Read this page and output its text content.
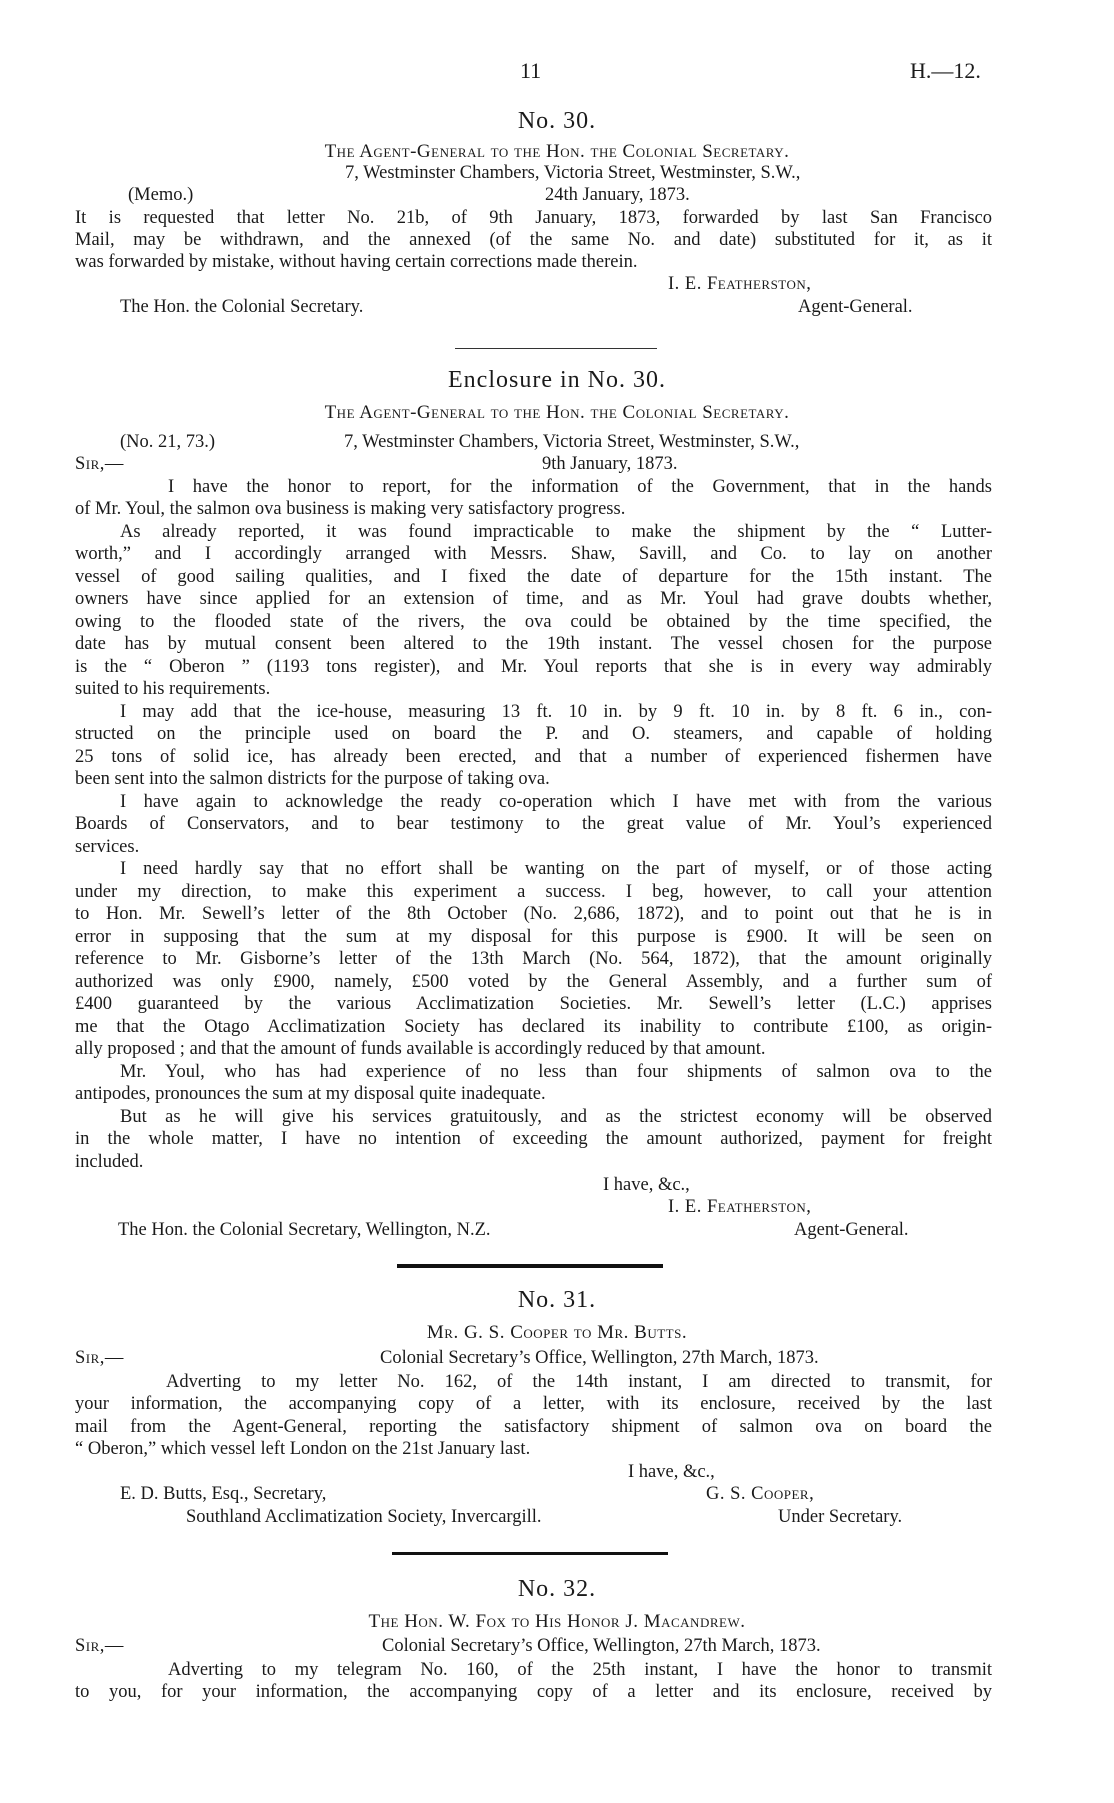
11	H.—12.
No. 30.
The Agent-General to the Hon. the Colonial Secretary.
7, Westminster Chambers, Victoria Street, Westminster, S.W.,
(Memo.)	24th January, 1873.
It is requested that letter No. 21b, of 9th January, 1873, forwarded by last San Francisco
Mail, may be withdrawn, and the annexed (of the same No. and date) substituted for it, as it
was forwarded by mistake, without having certain corrections made therein.
I. E. Featherston,
The Hon. the Colonial Secretary.	Agent-General.
Enclosure in No. 30.
The Agent-General to the Hon. the Colonial Secretary.
(No. 21, 73.)	7, Westminster Chambers, Victoria Street, Westminster, S.W.,
Sir,—	9th January, 1873.
I have the honor to report, for the information of the Government, that in the hands
of Mr. Youl, the salmon ova business is making very satisfactory progress.
As already reported, it was found impracticable to make the shipment by the “ Lutter-
worth,” and I accordingly arranged with Messrs. Shaw, Savill, and Co. to lay on another
vessel of good sailing qualities, and I fixed the date of departure for the 15th instant. The
owners have since applied for an extension of time, and as Mr. Youl had grave doubts whether,
owing to the flooded state of the rivers, the ova could be obtained by the time specified, the
date has by mutual consent been altered to the 19th instant. The vessel chosen for the purpose
is the “ Oberon ” (1193 tons register), and Mr. Youl reports that she is in every way admirably
suited to his requirements.
I may add that the ice-house, measuring 13 ft. 10 in. by 9 ft. 10 in. by 8 ft. 6 in., con-
structed on the principle used on board the P. and O. steamers, and capable of holding
25 tons of solid ice, has already been erected, and that a number of experienced fishermen have
been sent into the salmon districts for the purpose of taking ova.
I have again to acknowledge the ready co-operation which I have met with from the various
Boards of Conservators, and to bear testimony to the great value of Mr. Youl’s experienced
services.
I need hardly say that no effort shall be wanting on the part of myself, or of those acting
under my direction, to make this experiment a success. I beg, however, to call your attention
to Hon. Mr. Sewell’s letter of the 8th October (No. 2,686, 1872), and to point out that he is in
error in supposing that the sum at my disposal for this purpose is £900. It will be seen on
reference to Mr. Gisborne’s letter of the 13th March (No. 564, 1872), that the amount originally
authorized was only £900, namely, £500 voted by the General Assembly, and a further sum of
£400 guaranteed by the various Acclimatization Societies. Mr. Sewell’s letter (L.C.) apprises
me that the Otago Acclimatization Society has declared its inability to contribute £100, as origin-
ally proposed ; and that the amount of funds available is accordingly reduced by that amount.
Mr. Youl, who has had experience of no less than four shipments of salmon ova to the
antipodes, pronounces the sum at my disposal quite inadequate.
But as he will give his services gratuitously, and as the strictest economy will be observed
in the whole matter, I have no intention of exceeding the amount authorized, payment for freight
included.
I have, &c.,
I. E. Featherston,
The Hon. the Colonial Secretary, Wellington, N.Z.	Agent-General.
No. 31.
Mr. G. S. Cooper to Mr. Butts.
Sir,—	Colonial Secretary’s Office, Wellington, 27th March, 1873.
Adverting to my letter No. 162, of the 14th instant, I am directed to transmit, for
your information, the accompanying copy of a letter, with its enclosure, received by the last
mail from the Agent-General, reporting the satisfactory shipment of salmon ova on board the
“ Oberon,” which vessel left London on the 21st January last.
I have, &c.,
E. D. Butts, Esq., Secretary,	G. S. Cooper,
Southland Acclimatization Society, Invercargill.	Under Secretary.
No. 32.
The Hon. W. Fox to His Honor J. Macandrew.
Sir,—	Colonial Secretary’s Office, Wellington, 27th March, 1873.
Adverting to my telegram No. 160, of the 25th instant, I have the honor to transmit
to you, for your information, the accompanying copy of a letter and its enclosure, received by
